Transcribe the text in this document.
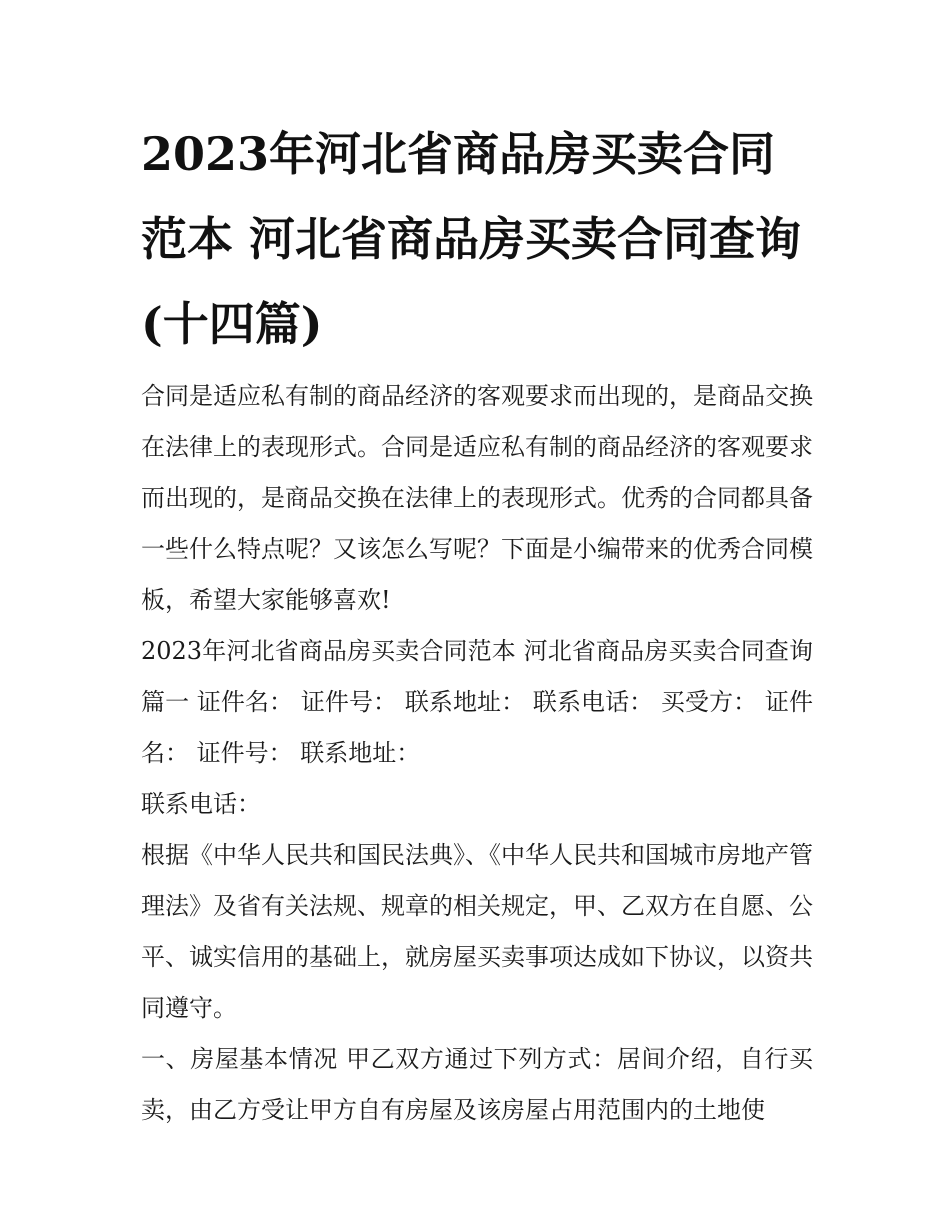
2023年河北省商品房买卖合同范本 河北省商品房买卖合同查询(十四篇)

合同是适应私有制的商品经济的客观要求而出现的，是商品交换在法律上的表现形式。合同是适应私有制的商品经济的客观要求而出现的，是商品交换在法律上的表现形式。优秀的合同都具备一些什么特点呢？又该怎么写呢？下面是小编带来的优秀合同模板，希望大家能够喜欢!

2023年河北省商品房买卖合同范本 河北省商品房买卖合同查询篇一 证件名： 证件号： 联系地址： 联系电话： 买受方： 证件名： 证件号： 联系地址：

联系电话：

根据《中华人民共和国民法典》、《中华人民共和国城市房地产管理法》及省有关法规、规章的相关规定，甲、乙双方在自愿、公平、诚实信用的基础上，就房屋买卖事项达成如下协议，以资共同遵守。

一、房屋基本情况 甲乙双方通过下列方式：居间介绍，自行买卖，由乙方受让甲方自有房屋及该房屋占用范围内的土地使
